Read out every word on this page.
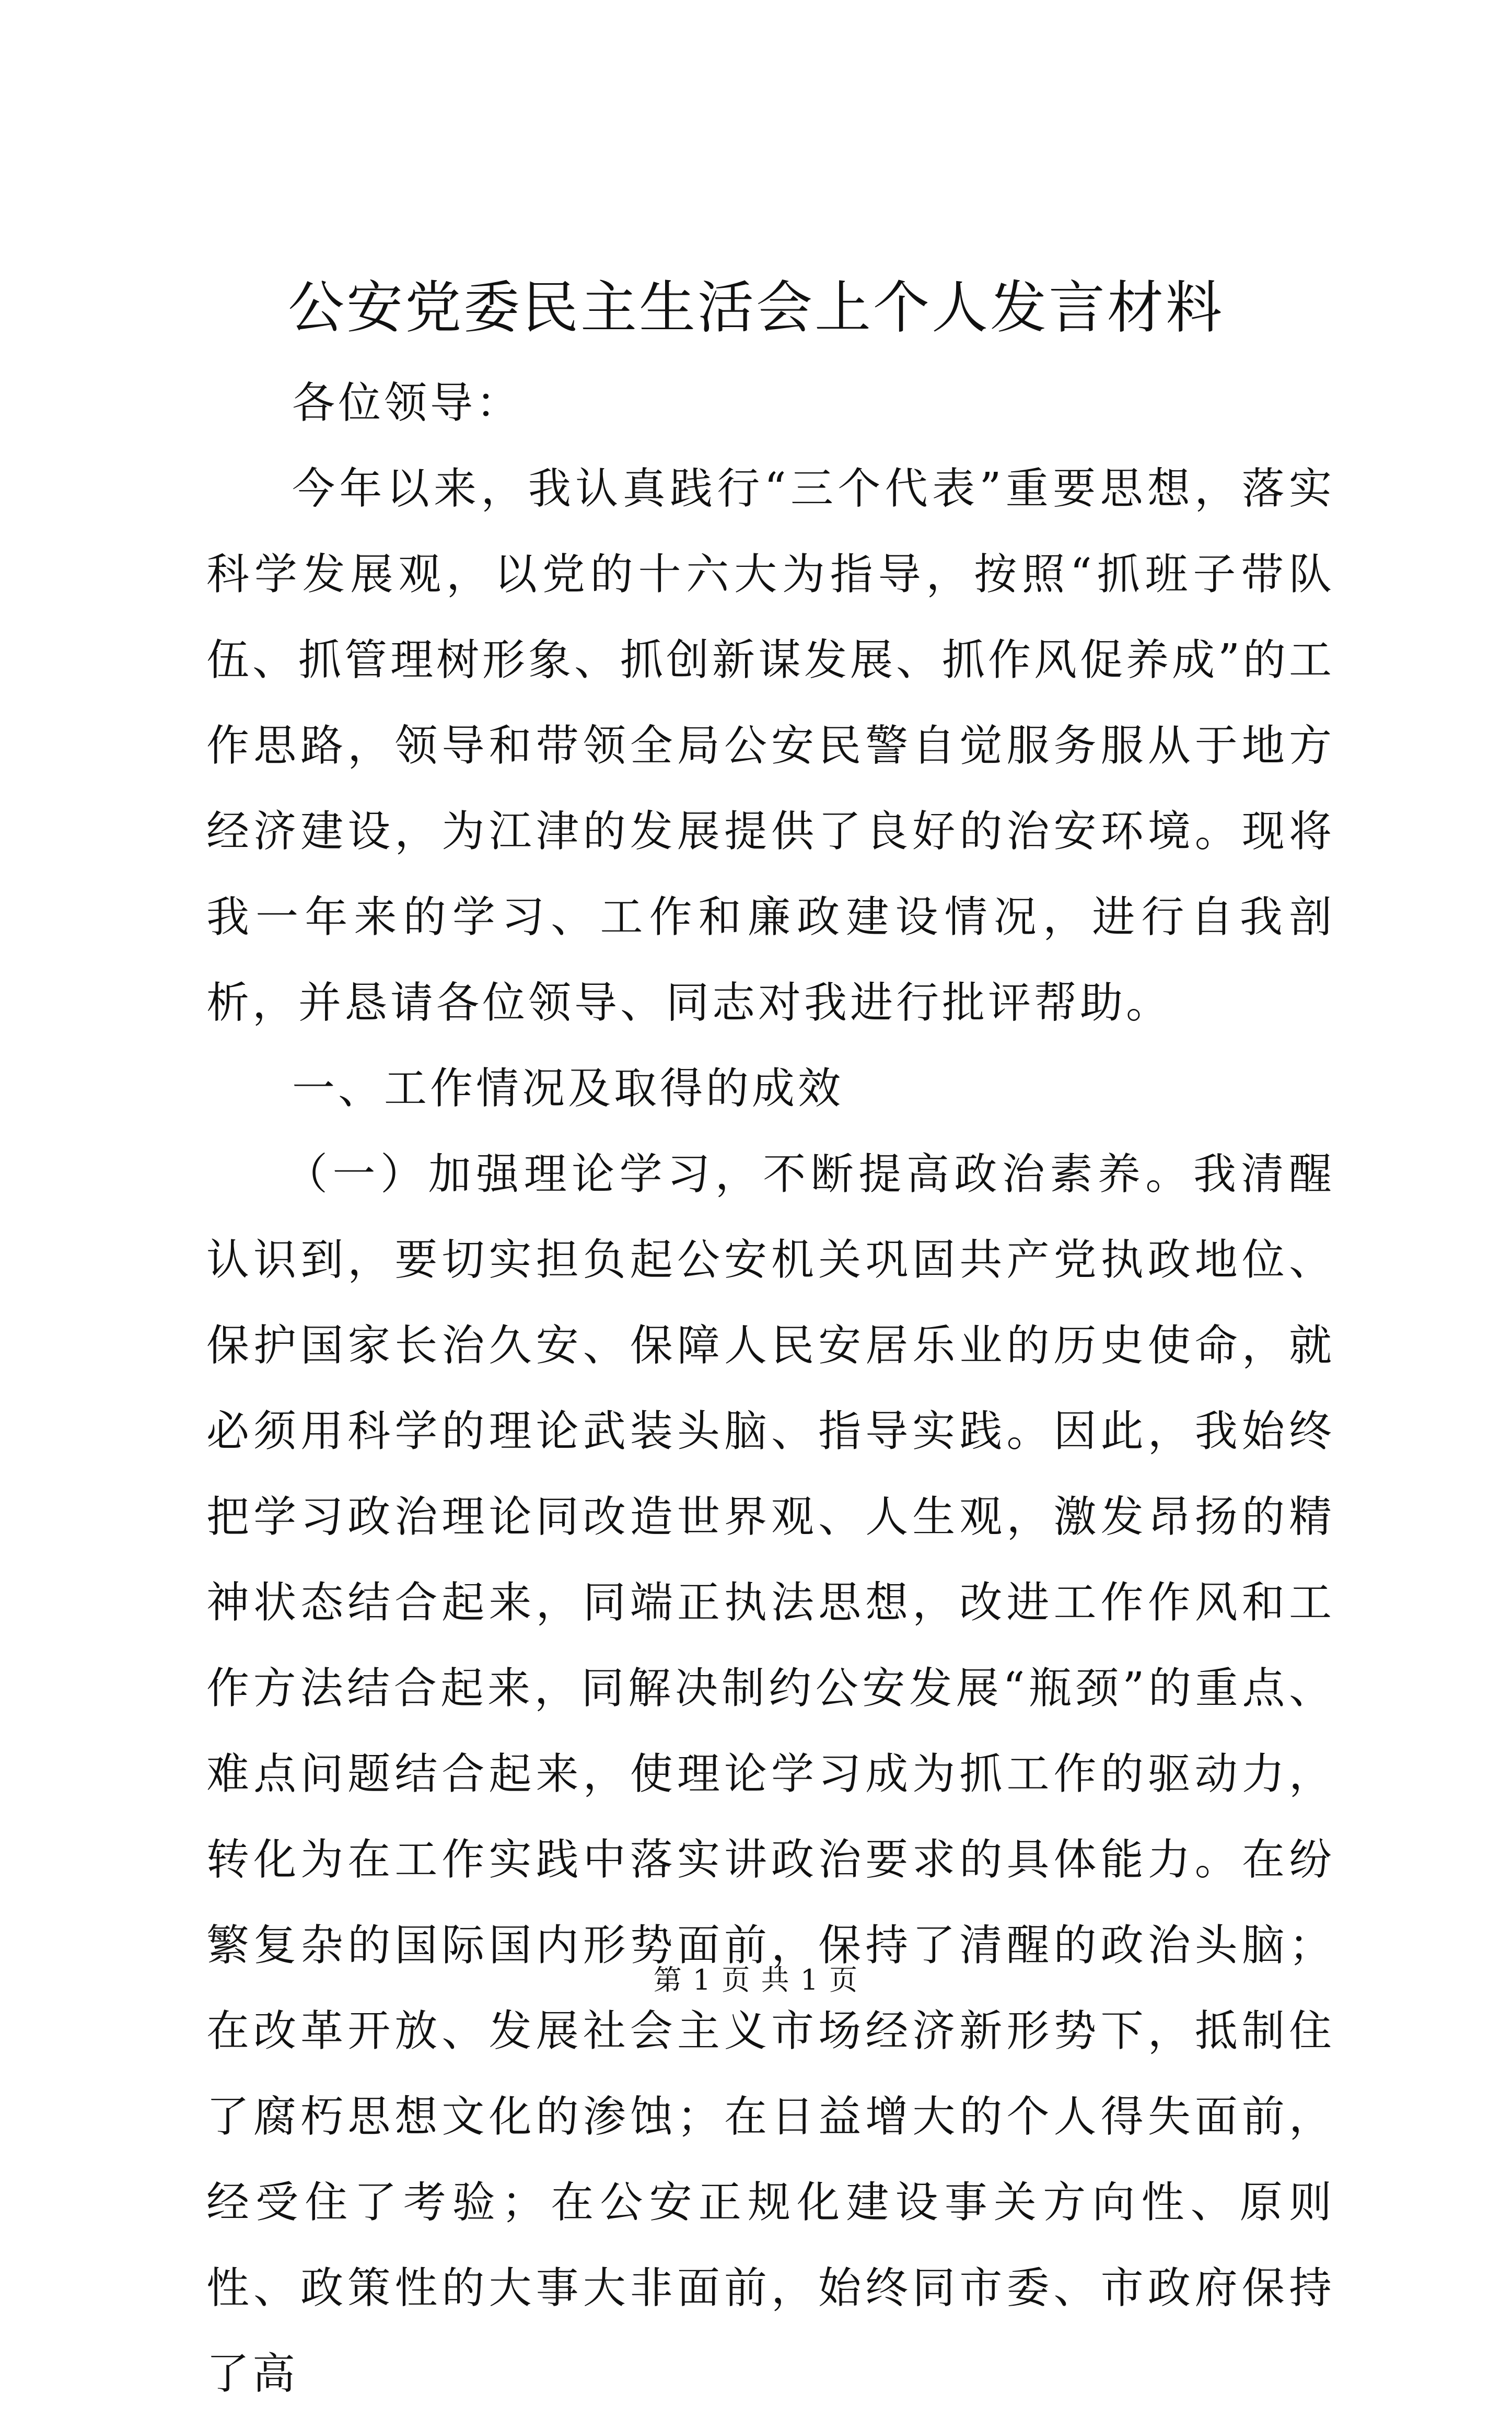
公安党委民主生活会上个人发言材料

各位领导：

今年以来，我认真践行“三个代表”重要思想，落实科学发展观，以党的十六大为指导，按照“抓班子带队伍、抓管理树形象、抓创新谋发展、抓作风促养成”的工作思路，领导和带领全局公安民警自觉服务服从于地方经济建设，为江津的发展提供了良好的治安环境。现将我一年来的学习、工作和廉政建设情况，进行自我剖析，并恳请各位领导、同志对我进行批评帮助。

一、工作情况及取得的成效

（一）加强理论学习，不断提高政治素养。我清醒认识到，要切实担负起公安机关巩固共产党执政地位、保护国家长治久安、保障人民安居乐业的历史使命，就必须用科学的理论武装头脑、指导实践。因此，我始终把学习政治理论同改造世界观、人生观，激发昂扬的精神状态结合起来，同端正执法思想，改进工作作风和工作方法结合起来，同解决制约公安发展“瓶颈”的重点、难点问题结合起来，使理论学习成为抓工作的驱动力，转化为在工作实践中落实讲政治要求的具体能力。在纷繁复杂的国际国内形势面前，保持了清醒的政治头脑；在改革开放、发展社会主义市场经济新形势下，抵制住了腐朽思想文化的渗蚀；在日益增大的个人得失面前，经受住了考验；在公安正规化建设事关方向性、原则性、政策性的大事大非面前，始终同市委、市政府保持了高

第 1 页 共 1 页
